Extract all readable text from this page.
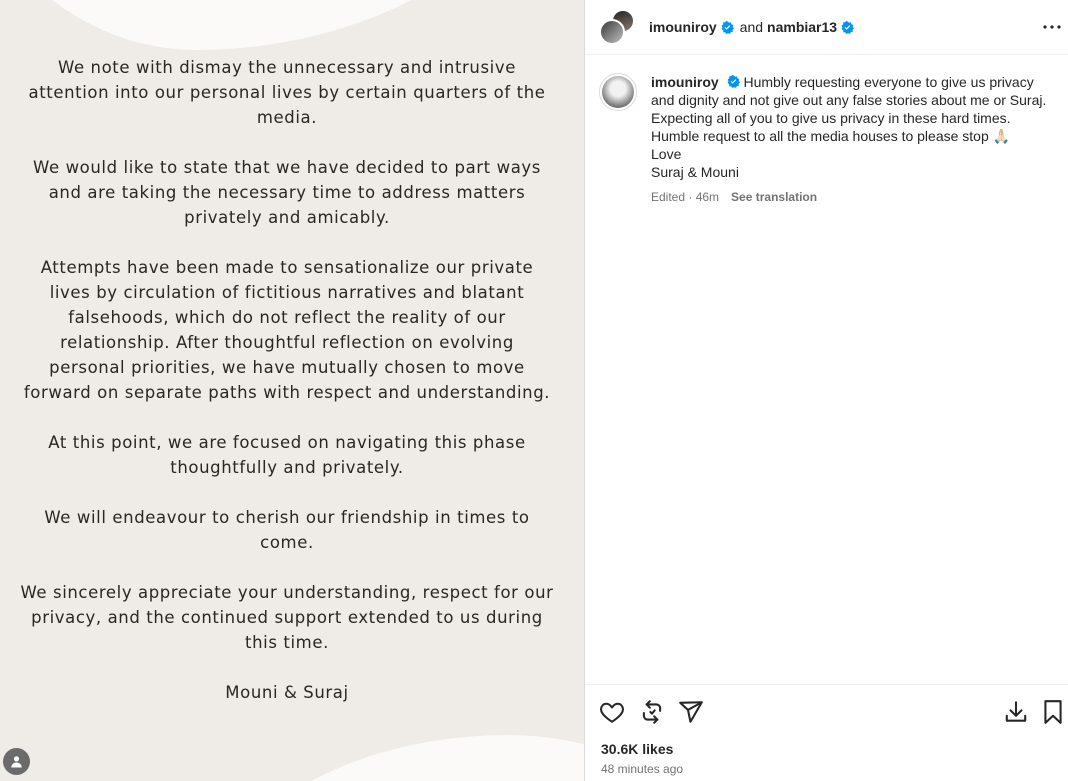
We note with dismay the unnecessary and intrusive attention into our personal lives by certain quarters of the media.

We would like to state that we have decided to part ways and are taking the necessary time to address matters privately and amicably.

Attempts have been made to sensationalize our private lives by circulation of fictitious narratives and blatant falsehoods, which do not reflect the reality of our relationship. After thoughtful reflection on evolving personal priorities, we have mutually chosen to move forward on separate paths with respect and understanding.

At this point, we are focused on navigating this phase thoughtfully and privately.

We will endeavour to cherish our friendship in times to come.

We sincerely appreciate your understanding, respect for our privacy, and the continued support extended to us during this time.

Mouni & Suraj

imouniroy and nambiar13
imouniroy Humbly requesting everyone to give us privacy and dignity and not give out any false stories about me or Suraj. Expecting all of you to give us privacy in these hard times. Humble request to all the media houses to please stop 🙏🏻
Love
Suraj & Mouni
Edited · 46m See translation
30.6K likes
48 minutes ago
